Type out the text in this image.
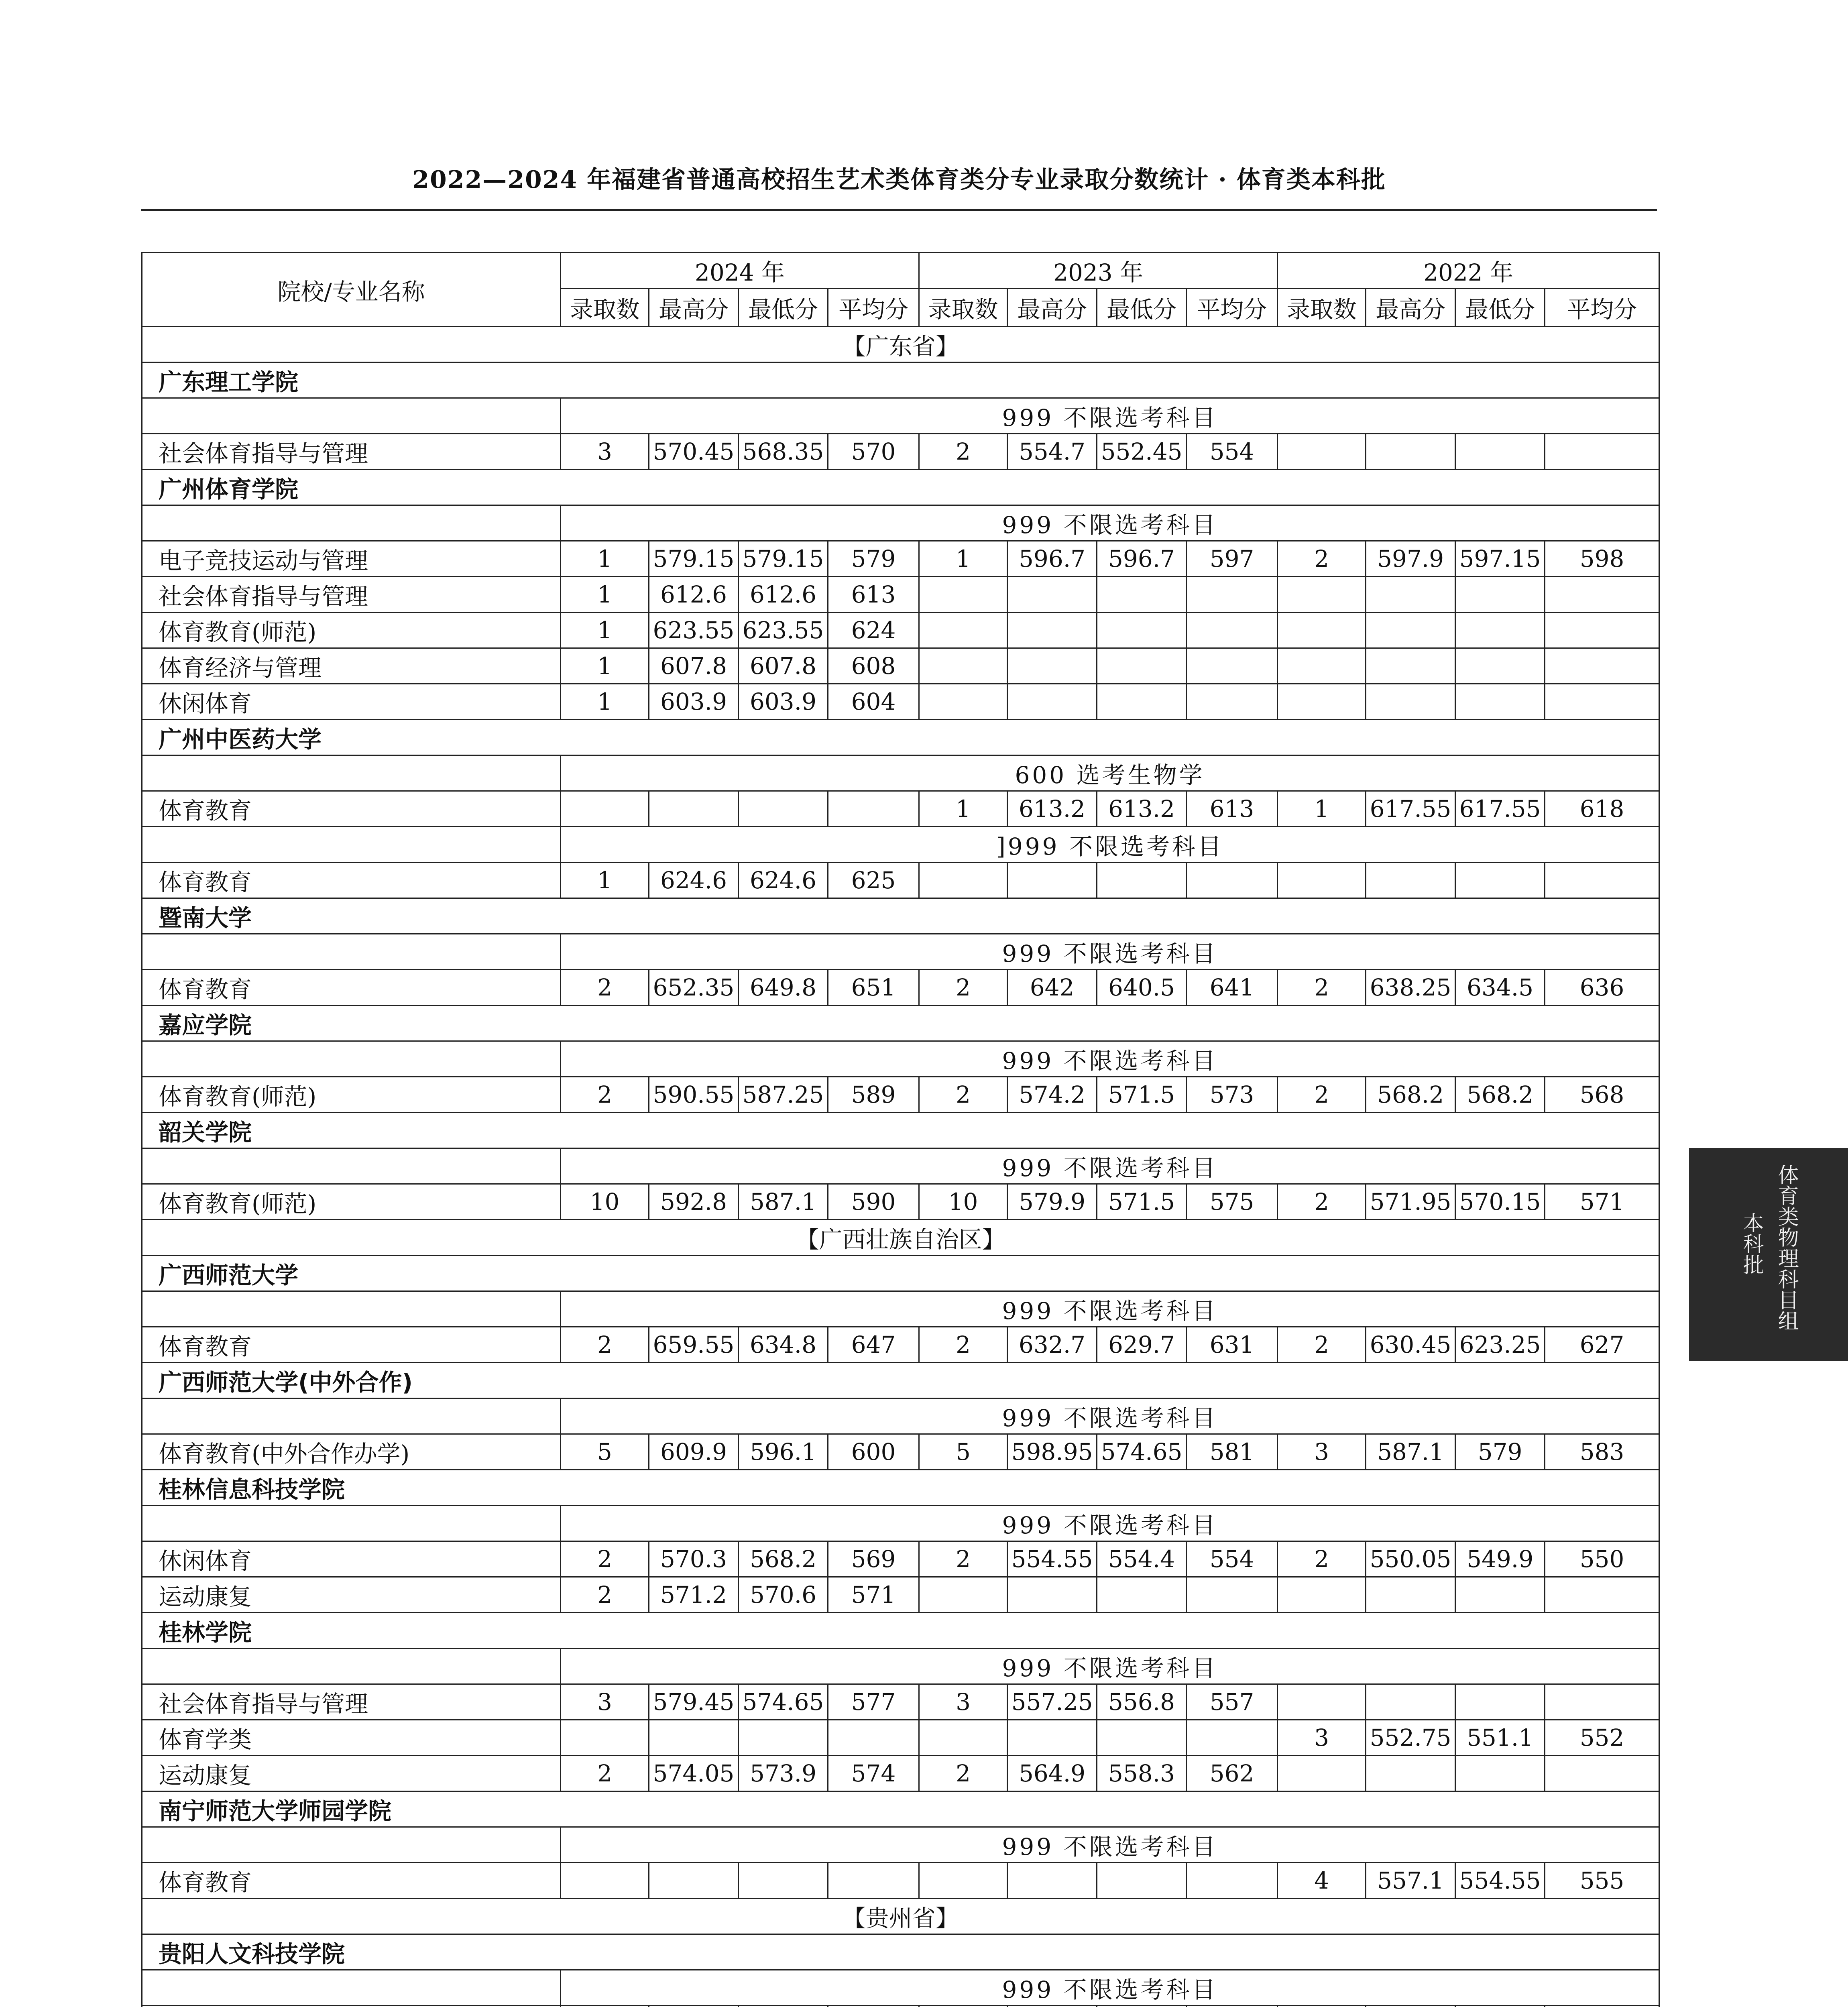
2022—2024 年福建省普通高校招生艺术类体育类分专业录取分数统计 · 体育类本科批
院校/专业名称	2024 年				2023 年				2022 年			
	录取数	最高分	最低分	平均分	录取数	最高分	最低分	平均分	录取数	最高分	最低分	平均分
【广东省】												
广东理工学院												
	999 不限选考科目											
社会体育指导与管理	3	570.45	568.35	570	2	554.7	552.45	554				
广州体育学院												
	999 不限选考科目											
电子竞技运动与管理	1	579.15	579.15	579	1	596.7	596.7	597	2	597.9	597.15	598
社会体育指导与管理	1	612.6	612.6	613								
体育教育(师范)	1	623.55	623.55	624								
体育经济与管理	1	607.8	607.8	608								
休闲体育	1	603.9	603.9	604								
广州中医药大学												
	600 选考生物学											
体育教育					1	613.2	613.2	613	1	617.55	617.55	618
	]999 不限选考科目											
体育教育	1	624.6	624.6	625								
暨南大学												
	999 不限选考科目											
体育教育	2	652.35	649.8	651	2	642	640.5	641	2	638.25	634.5	636
嘉应学院												
	999 不限选考科目											
体育教育(师范)	2	590.55	587.25	589	2	574.2	571.5	573	2	568.2	568.2	568
韶关学院												
	999 不限选考科目											
体育教育(师范)	10	592.8	587.1	590	10	579.9	571.5	575	2	571.95	570.15	571
【广西壮族自治区】												
广西师范大学												
	999 不限选考科目											
体育教育	2	659.55	634.8	647	2	632.7	629.7	631	2	630.45	623.25	627
广西师范大学(中外合作)												
	999 不限选考科目											
体育教育(中外合作办学)	5	609.9	596.1	600	5	598.95	574.65	581	3	587.1	579	583
桂林信息科技学院												
	999 不限选考科目											
休闲体育	2	570.3	568.2	569	2	554.55	554.4	554	2	550.05	549.9	550
运动康复	2	571.2	570.6	571								
桂林学院												
	999 不限选考科目											
社会体育指导与管理	3	579.45	574.65	577	3	557.25	556.8	557				
体育学类									3	552.75	551.1	552
运动康复	2	574.05	573.9	574	2	564.9	558.3	562				
南宁师范大学师园学院												
	999 不限选考科目											
体育教育									4	557.1	554.55	555
【贵州省】												
贵阳人文科技学院												
	999 不限选考科目											

体育类物理科目组
本科批
